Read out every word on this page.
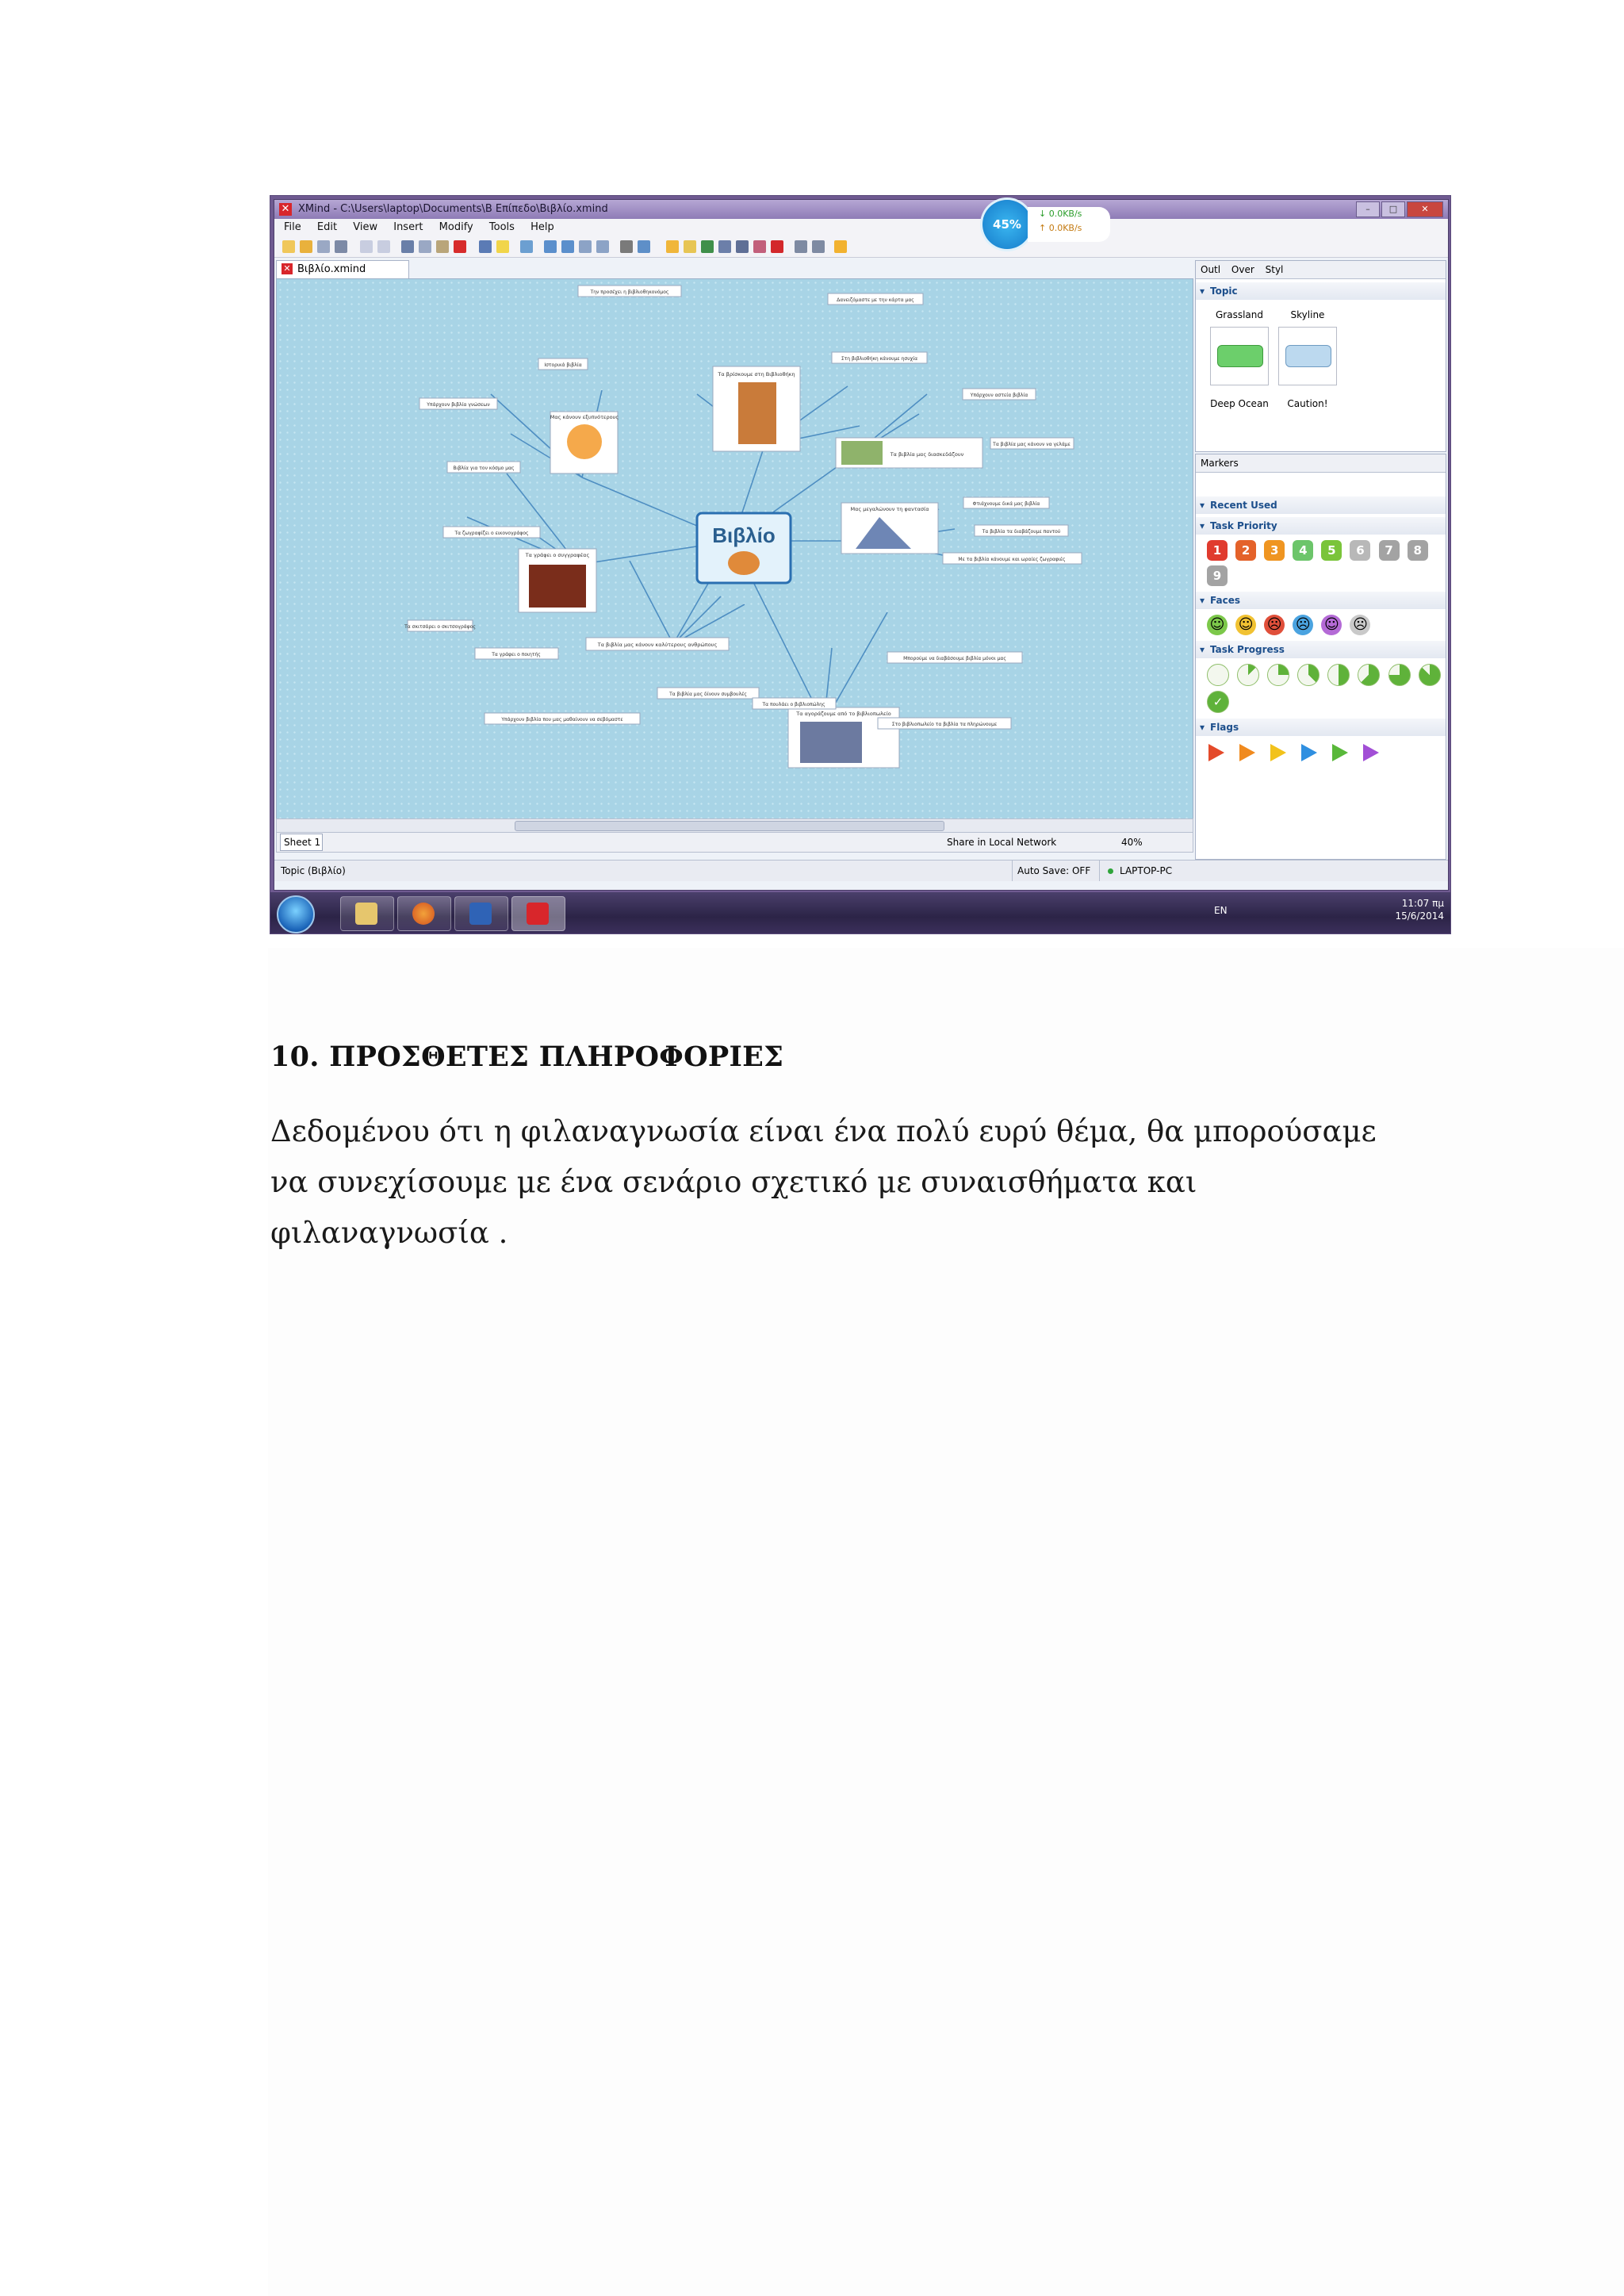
✕ XMind - C:\Users\laptop\Documents\Β Επίπεδο\Βιβλίο.xmind	–	□	✕
File Edit View Insert Modify Tools Help	45%
↓ 0.0KB/s
↑ 0.0KB/s
✕ Βιβλίο.xmind
Βιβλίο
Τα βρίσκουμε στη Βιβλιοθήκη
Μας κάνουν εξυπνότερους
Τα βιβλία μας διασκεδάζουν
Μας μεγαλώνουν τη φαντασία
Τα γράφει ο συγγραφέας
Τα βιβλία μας κάνουν καλύτερους ανθρώπους
Τα αγοράζουμε από το βιβλιοπωλείο
Την προσέχει η βιβλιοθηκονόμος
Δανειζόμαστε με την κάρτα μας
Στη βιβλιοθήκη κάνουμε ησυχία
Ιστορικά βιβλία
Υπάρχουν βιβλία γνώσεων
Βιβλία για τον κόσμο μας
Υπάρχουν αστεία βιβλία
Τα βιβλία μας κάνουν να γελάμε
Φτιάχνουμε δικά μας βιβλία
Τα βιβλία τα διαβάζουμε παντού
Με τα βιβλία κάνουμε και ωραίες ζωγραφιές
Τα ζωγραφίζει ο εικονογράφος
Τα σκιτσάρει ο σκιτσογράφος
Τα γράφει ο ποιητής
Τα βιβλία μας δίνουν συμβουλές
Υπάρχουν βιβλία που μας μαθαίνουν να σεβόμαστε
Τα πουλάει ο βιβλιοπώλης
Μπορούμε να διαβάσουμε βιβλία μόνοι μας
Στο βιβλιοπωλείο τα βιβλία τα πληρώνουμε
Sheet 1	Share in Local Network	40%
Outl Over Styl
▾ Topic
Grassland	Skyline
Deep Ocean	Caution!
Markers
▾ Recent Used
▾ Task Priority
1 2 3 4 5 6 7 8 9
▾ Faces
☺ ☺ ☹ ☹ ☺ ☹
▾ Task Progress
✓
▾ Flags

Topic (Βιβλίο)	Auto Save: OFF	LAPTOP-PC
EN
11:07 πμ
15/6/2014
10. ΠΡΟΣΘΕΤΕΣ ΠΛΗΡΟΦΟΡΙΕΣ
Δεδομένου ότι η φιλαναγνωσία είναι ένα πολύ ευρύ θέμα, θα μπορούσαμε
να συνεχίσουμε με ένα σενάριο σχετικό με συναισθήματα και
φιλαναγνωσία .
